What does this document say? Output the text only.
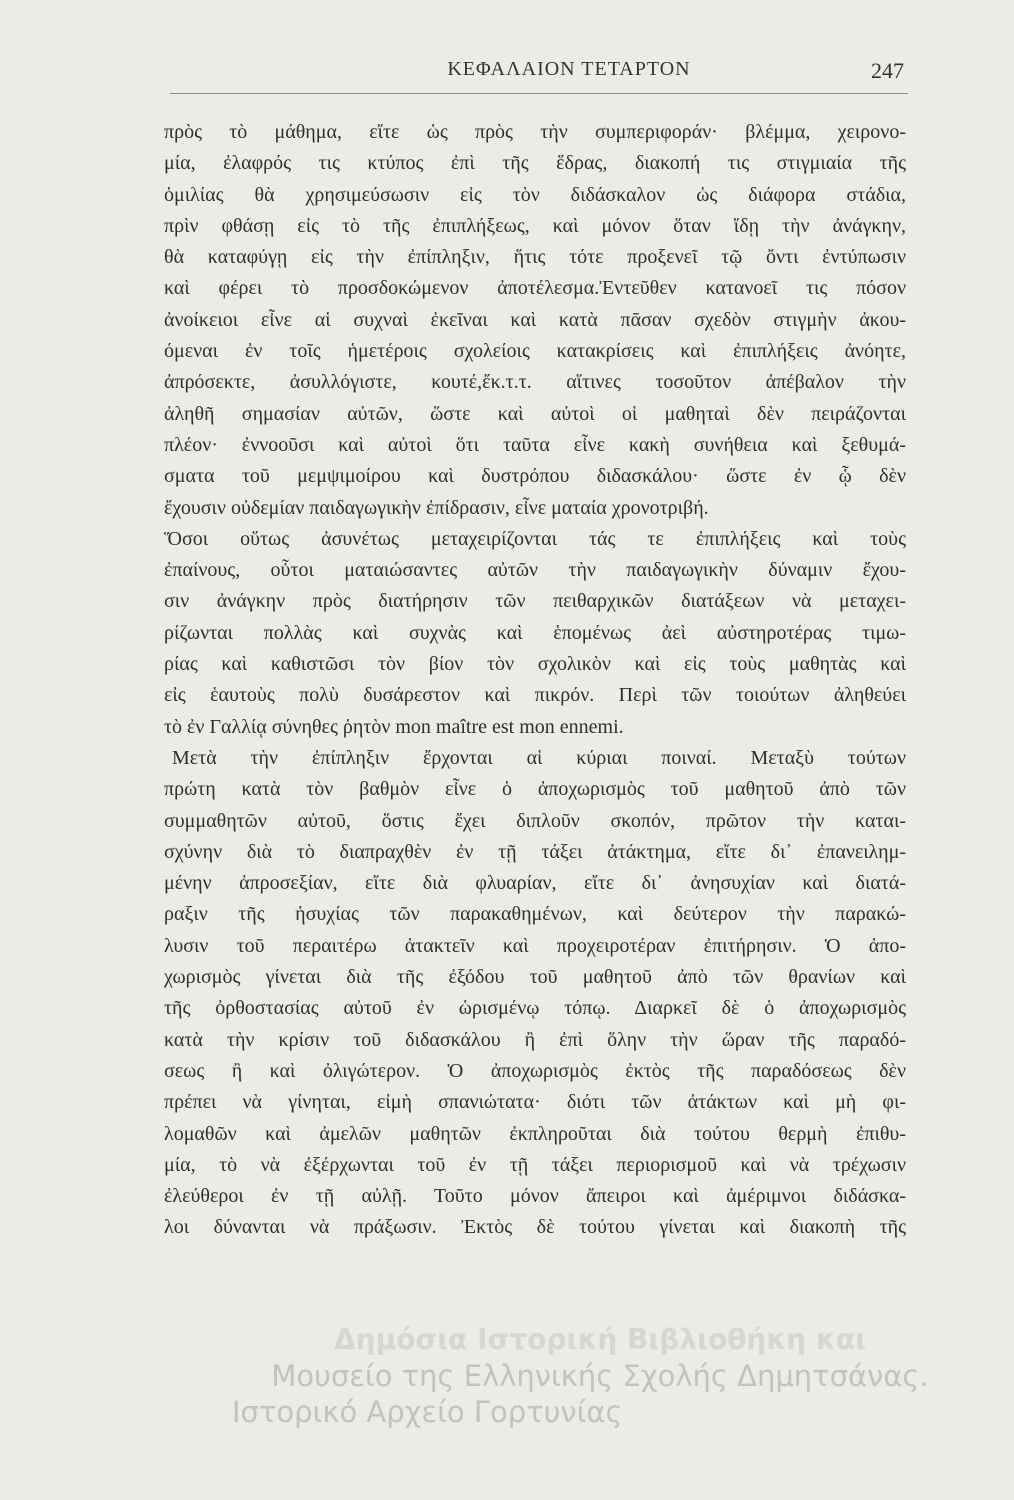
ΚΕΦΑΛΑΙΟΝ ΤΕΤΑΡΤΟΝ	247
πρὸς τὸ μάθημα, εἴτε ὡς πρὸς τὴν συμπεριφοράν· βλέμμα, χειρονο-
μία, ἐλαφρός τις κτύπος ἐπὶ τῆς ἕδρας, διακοπή τις στιγμιαία τῆς
ὁμιλίας θὰ χρησιμεύσωσιν εἰς τὸν διδάσκαλον ὡς διάφορα στάδια,
πρὶν φθάσῃ εἰς τὸ τῆς ἐπιπλήξεως, καὶ μόνον ὅταν ἴδῃ τὴν ἀνάγκην,
θὰ καταφύγῃ εἰς τὴν ἐπίπληξιν, ἥτις τότε προξενεῖ τῷ ὄντι ἐντύπωσιν
καὶ φέρει τὸ προσδοκώμενον ἀποτέλεσμα.Ἐντεῦθεν κατανοεῖ τις πόσον
ἀνοίκειοι εἶνε αἱ συχναὶ ἐκεῖναι καὶ κατὰ πᾶσαν σχεδὸν στιγμὴν ἀκου-
όμεναι ἐν τοῖς ἡμετέροις σχολείοις κατακρίσεις καὶ ἐπιπλήξεις ἀνόητε,
ἀπρόσεκτε, ἀσυλλόγιστε, κουτέ,ἔκ.τ.τ. αἵτινες τοσοῦτον ἀπέβαλον τὴν
ἀληθῆ σημασίαν αὐτῶν, ὥστε καὶ αὐτοὶ οἱ μαθηταὶ δὲν πειράζονται
πλέον· ἐννοοῦσι καὶ αὐτοὶ ὅτι ταῦτα εἶνε κακὴ συνήθεια καὶ ξεθυμά-
σματα τοῦ μεμψιμοίρου καὶ δυστρόπου διδασκάλου· ὥστε ἐν ᾧ δὲν
ἔχουσιν οὐδεμίαν παιδαγωγικὴν ἐπίδρασιν, εἶνε ματαία χρονοτριβή.
Ὅσοι οὕτως ἀσυνέτως μεταχειρίζονται τάς τε ἐπιπλήξεις καὶ τοὺς
ἐπαίνους, οὗτοι ματαιώσαντες αὐτῶν τὴν παιδαγωγικὴν δύναμιν ἔχου-
σιν ἀνάγκην πρὸς διατήρησιν τῶν πειθαρχικῶν διατάξεων νὰ μεταχει-
ρίζωνται πολλὰς καὶ συχνὰς καὶ ἑπομένως ἀεὶ αὐστηροτέρας τιμω-
ρίας καὶ καθιστῶσι τὸν βίον τὸν σχολικὸν καὶ εἰς τοὺς μαθητὰς καὶ
εἰς ἑαυτοὺς πολὺ δυσάρεστον καὶ πικρόν. Περὶ τῶν τοιούτων ἀληθεύει
τὸ ἐν Γαλλίᾳ σύνηθες ῥητὸν mon maître est mon ennemi.
Μετὰ τὴν ἐπίπληξιν ἔρχονται αἱ κύριαι ποιναί. Μεταξὺ τούτων
πρώτη κατὰ τὸν βαθμὸν εἶνε ὁ ἀποχωρισμὸς τοῦ μαθητοῦ ἀπὸ τῶν
συμμαθητῶν αὐτοῦ, ὅστις ἔχει διπλοῦν σκοπόν, πρῶτον τὴν καται-
σχύνην διὰ τὸ διαπραχθὲν ἐν τῇ τάξει ἀτάκτημα, εἴτε δι᾽ ἐπανειλημ-
μένην ἀπροσεξίαν, εἴτε διὰ φλυαρίαν, εἴτε δι᾽ ἀνησυχίαν καὶ διατά-
ραξιν τῆς ἡσυχίας τῶν παρακαθημένων, καὶ δεύτερον τὴν παρακώ-
λυσιν τοῦ περαιτέρω ἀτακτεῖν καὶ προχειροτέραν ἐπιτήρησιν. Ὁ ἀπο-
χωρισμὸς γίνεται διὰ τῆς ἐξόδου τοῦ μαθητοῦ ἀπὸ τῶν θρανίων καὶ
τῆς ὀρθοστασίας αὐτοῦ ἐν ὡρισμένῳ τόπῳ. Διαρκεῖ δὲ ὁ ἀποχωρισμὸς
κατὰ τὴν κρίσιν τοῦ διδασκάλου ἢ ἐπὶ ὅλην τὴν ὥραν τῆς παραδό-
σεως ἢ καὶ ὀλιγώτερον. Ὁ ἀποχωρισμὸς ἐκτὸς τῆς παραδόσεως δὲν
πρέπει νὰ γίνηται, εἰμὴ σπανιώτατα· διότι τῶν ἀτάκτων καὶ μὴ φι-
λομαθῶν καὶ ἀμελῶν μαθητῶν ἐκπληροῦται διὰ τούτου θερμὴ ἐπιθυ-
μία, τὸ νὰ ἐξέρχωνται τοῦ ἐν τῇ τάξει περιορισμοῦ καὶ νὰ τρέχωσιν
ἐλεύθεροι ἐν τῇ αὐλῇ. Τοῦτο μόνον ἄπειροι καὶ ἀμέριμνοι διδάσκα-
λοι δύνανται νὰ πράξωσιν. Ἐκτὸς δὲ τούτου γίνεται καὶ διακοπὴ τῆς
Δημόσια Ιστορική Βιβλιοθήκη και
Μουσείο της Ελληνικής Σχολής Δημητσάνας.
Ιστορικό Αρχείο Γορτυνίας
